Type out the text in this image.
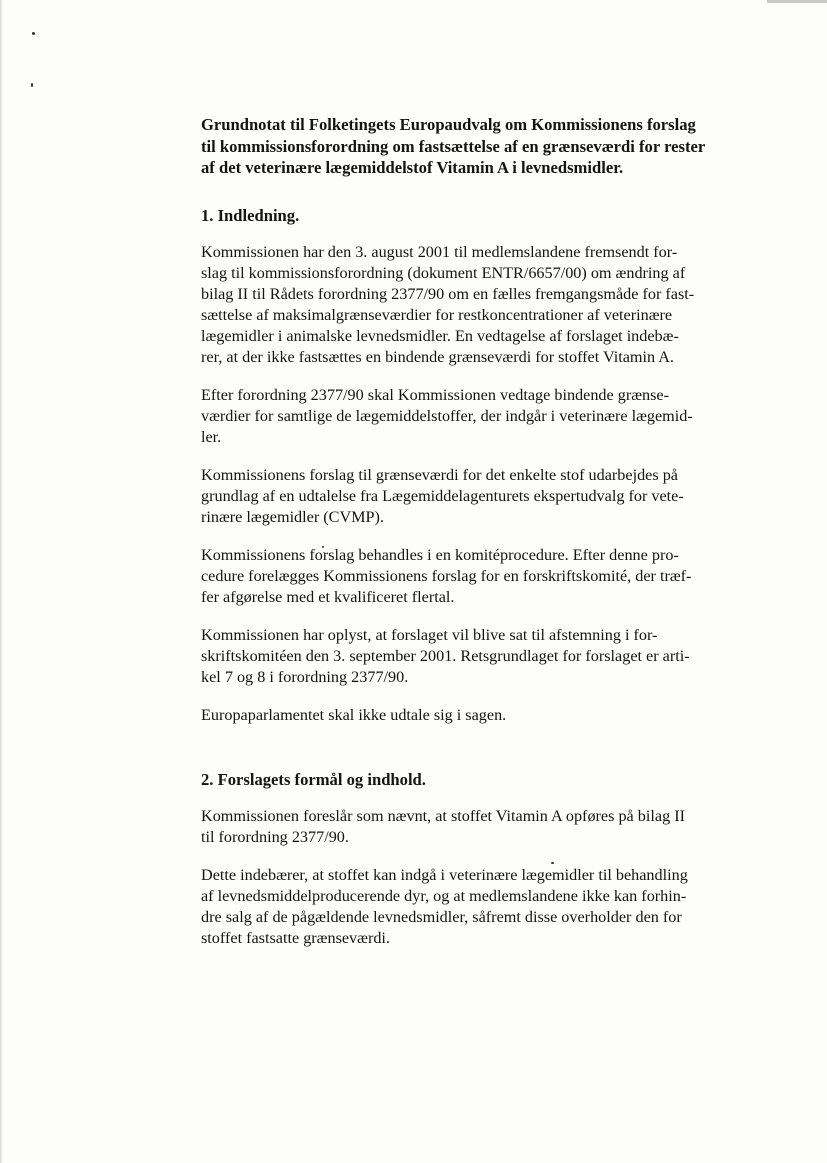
Grundnotat til Folketingets Europaudvalg om Kommissionens forslag
til kommissionsforordning om fastsættelse af en grænseværdi for rester
af det veterinære lægemiddelstof Vitamin A i levnedsmidler.
1. Indledning.

Kommissionen har den 3. august 2001 til medlemslandene fremsendt for-
slag til kommissionsforordning (dokument ENTR/6657/00) om ændring af
bilag II til Rådets forordning 2377/90 om en fælles fremgangsmåde for fast-
sættelse af maksimalgrænseværdier for restkoncentrationer af veterinære
lægemidler i animalske levnedsmidler. En vedtagelse af forslaget indebæ-
rer, at der ikke fastsættes en bindende grænseværdi for stoffet Vitamin A.

Efter forordning 2377/90 skal Kommissionen vedtage bindende grænse-
værdier for samtlige de lægemiddelstoffer, der indgår i veterinære lægemid-
ler.

Kommissionens forslag til grænseværdi for det enkelte stof udarbejdes på
grundlag af en udtalelse fra Lægemiddelagenturets ekspertudvalg for vete-
rinære lægemidler (CVMP).

Kommissionens forslag behandles i en komitéprocedure. Efter denne pro-
cedure forelægges Kommissionens forslag for en forskriftskomité, der træf-
fer afgørelse med et kvalificeret flertal.

Kommissionen har oplyst, at forslaget vil blive sat til afstemning i for-
skriftskomitéen den 3. september 2001. Retsgrundlaget for forslaget er arti-
kel 7 og 8 i forordning 2377/90.

Europaparlamentet skal ikke udtale sig i sagen.

2. Forslagets formål og indhold.

Kommissionen foreslår som nævnt, at stoffet Vitamin A opføres på bilag II
til forordning 2377/90.

Dette indebærer, at stoffet kan indgå i veterinære lægemidler til behandling
af levnedsmiddelproducerende dyr, og at medlemslandene ikke kan forhin-
dre salg af de pågældende levnedsmidler, såfremt disse overholder den for
stoffet fastsatte grænseværdi.
